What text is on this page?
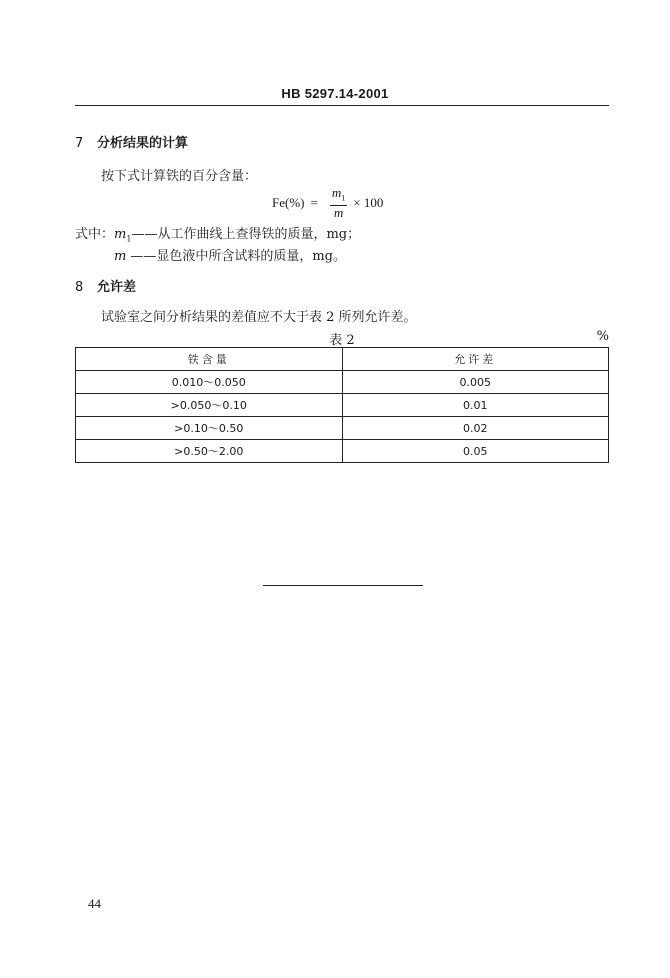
HB 5297.14-2001
7 分析结果的计算
按下式计算铁的百分含量：
$Fe(\%) = \frac{m_1}{m} \times 100$
式中：$m_1——$从工作曲线上查得铁的质量，mg；
m ——显色液中所含试料的质量，mg。
8 允许差
试验室之间分析结果的差值应不大于表 2 所列允许差。
表 2	%
铁含量	允许差
0.010～0.050	0.005
>0.050～0.10	0.01
>0.10～0.50	0.02
>0.50～2.00	0.05
44
